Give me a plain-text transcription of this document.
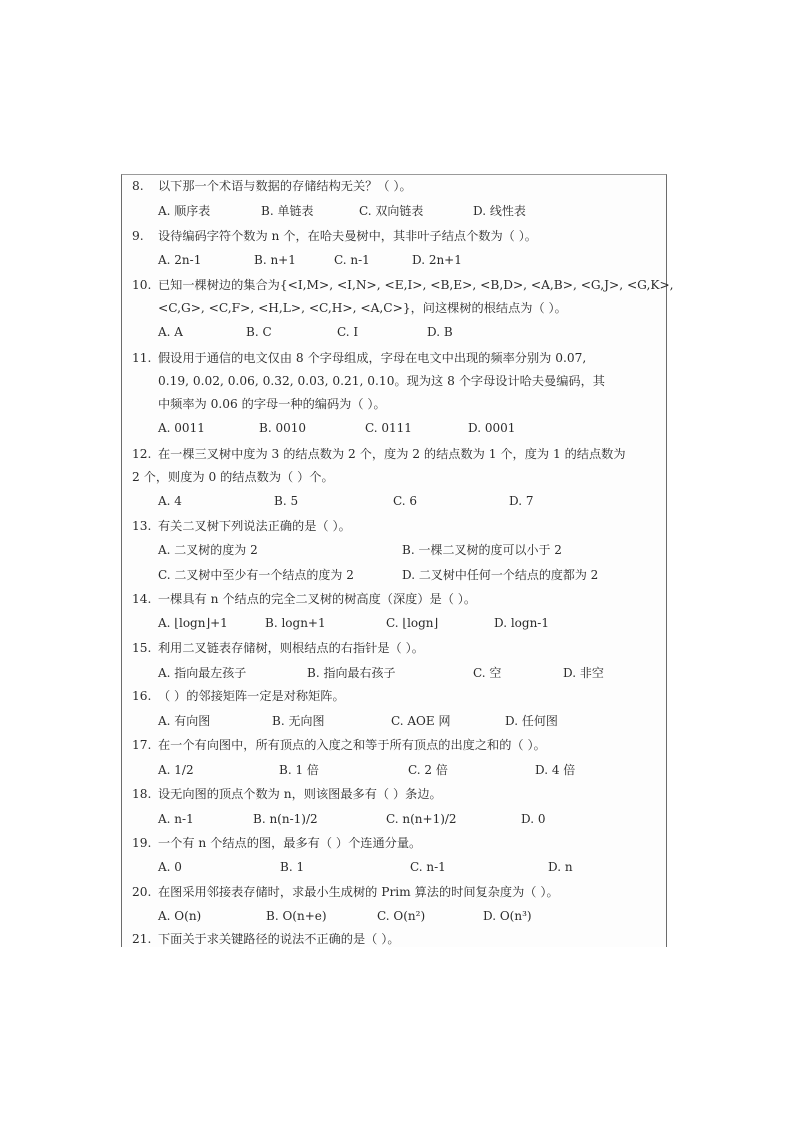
8. 以下那一个术语与数据的存储结构无关？（ ）。
A. 顺序表	B. 单链表	C. 双向链表	D. 线性表
9. 设待编码字符个数为 n 个，在哈夫曼树中，其非叶子结点个数为（ ）。
A. 2n-1	B. n+1	C. n-1	D. 2n+1
10. 已知一棵树边的集合为{<I,M>, <I,N>, <E,I>, <B,E>, <B,D>, <A,B>, <G,J>, <G,K>,
<C,G>, <C,F>, <H,L>, <C,H>, <A,C>}，问这棵树的根结点为（ ）。
A. A	B. C	C. I	D. B
11. 假设用于通信的电文仅由 8 个字母组成，字母在电文中出现的频率分别为 0.07,
0.19, 0.02, 0.06, 0.32, 0.03, 0.21, 0.10。现为这 8 个字母设计哈夫曼编码，其
中频率为 0.06 的字母一种的编码为（ ）。
A. 0011	B. 0010	C. 0111	D. 0001
12. 在一棵三叉树中度为 3 的结点数为 2 个，度为 2 的结点数为 1 个，度为 1 的结点数为
2 个，则度为 0 的结点数为（ ）个。
A. 4	B. 5	C. 6	D. 7
13. 有关二叉树下列说法正确的是（ ）。
A. 二叉树的度为 2	B. 一棵二叉树的度可以小于 2
C. 二叉树中至少有一个结点的度为 2	D. 二叉树中任何一个结点的度都为 2
14. 一棵具有 n 个结点的完全二叉树的树高度（深度）是（ ）。
A. ⌊logn⌋+1	B. logn+1	C. ⌊logn⌋	D. logn-1
15. 利用二叉链表存储树，则根结点的右指针是（ ）。
A. 指向最左孩子	B. 指向最右孩子	C. 空	D. 非空
16. （ ）的邻接矩阵一定是对称矩阵。
A. 有向图	B. 无向图	C. AOE 网	D. 任何图
17. 在一个有向图中，所有顶点的入度之和等于所有顶点的出度之和的（ ）。
A. 1/2	B. 1 倍	C. 2 倍	D. 4 倍
18. 设无向图的顶点个数为 n，则该图最多有（ ）条边。
A. n-1	B. n(n-1)/2	C. n(n+1)/2	D. 0
19. 一个有 n 个结点的图，最多有（ ）个连通分量。
A. 0	B. 1	C. n-1	D. n
20. 在图采用邻接表存储时，求最小生成树的 Prim 算法的时间复杂度为（ ）。
A. O(n)	B. O(n+e)	C. O(n²)	D. O(n³)
21. 下面关于求关键路径的说法不正确的是（ ）。
